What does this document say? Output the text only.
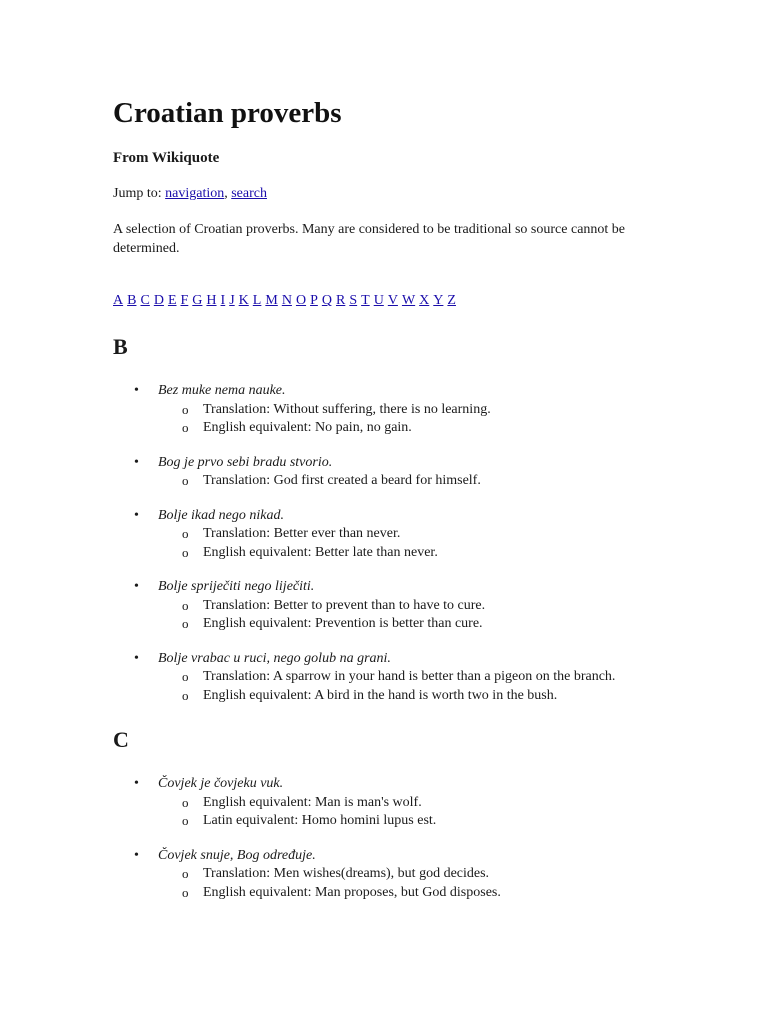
Croatian proverbs
From Wikiquote
Jump to: navigation, search
A selection of Croatian proverbs. Many are considered to be traditional so source cannot be determined.
A B C D E F G H I J K L M N O P Q R S T U V W X Y Z
B
• Bez muke nema nauke.
o Translation: Without suffering, there is no learning.
o English equivalent: No pain, no gain.
• Bog je prvo sebi bradu stvorio.
o Translation: God first created a beard for himself.
• Bolje ikad nego nikad.
o Translation: Better ever than never.
o English equivalent: Better late than never.
• Bolje spriječiti nego liječiti.
o Translation: Better to prevent than to have to cure.
o English equivalent: Prevention is better than cure.
• Bolje vrabac u ruci, nego golub na grani.
o Translation: A sparrow in your hand is better than a pigeon on the branch.
o English equivalent: A bird in the hand is worth two in the bush.
C
• Čovjek je čovjeku vuk.
o English equivalent: Man is man's wolf.
o Latin equivalent: Homo homini lupus est.
• Čovjek snuje, Bog određuje.
o Translation: Men wishes(dreams), but god decides.
o English equivalent: Man proposes, but God disposes.
